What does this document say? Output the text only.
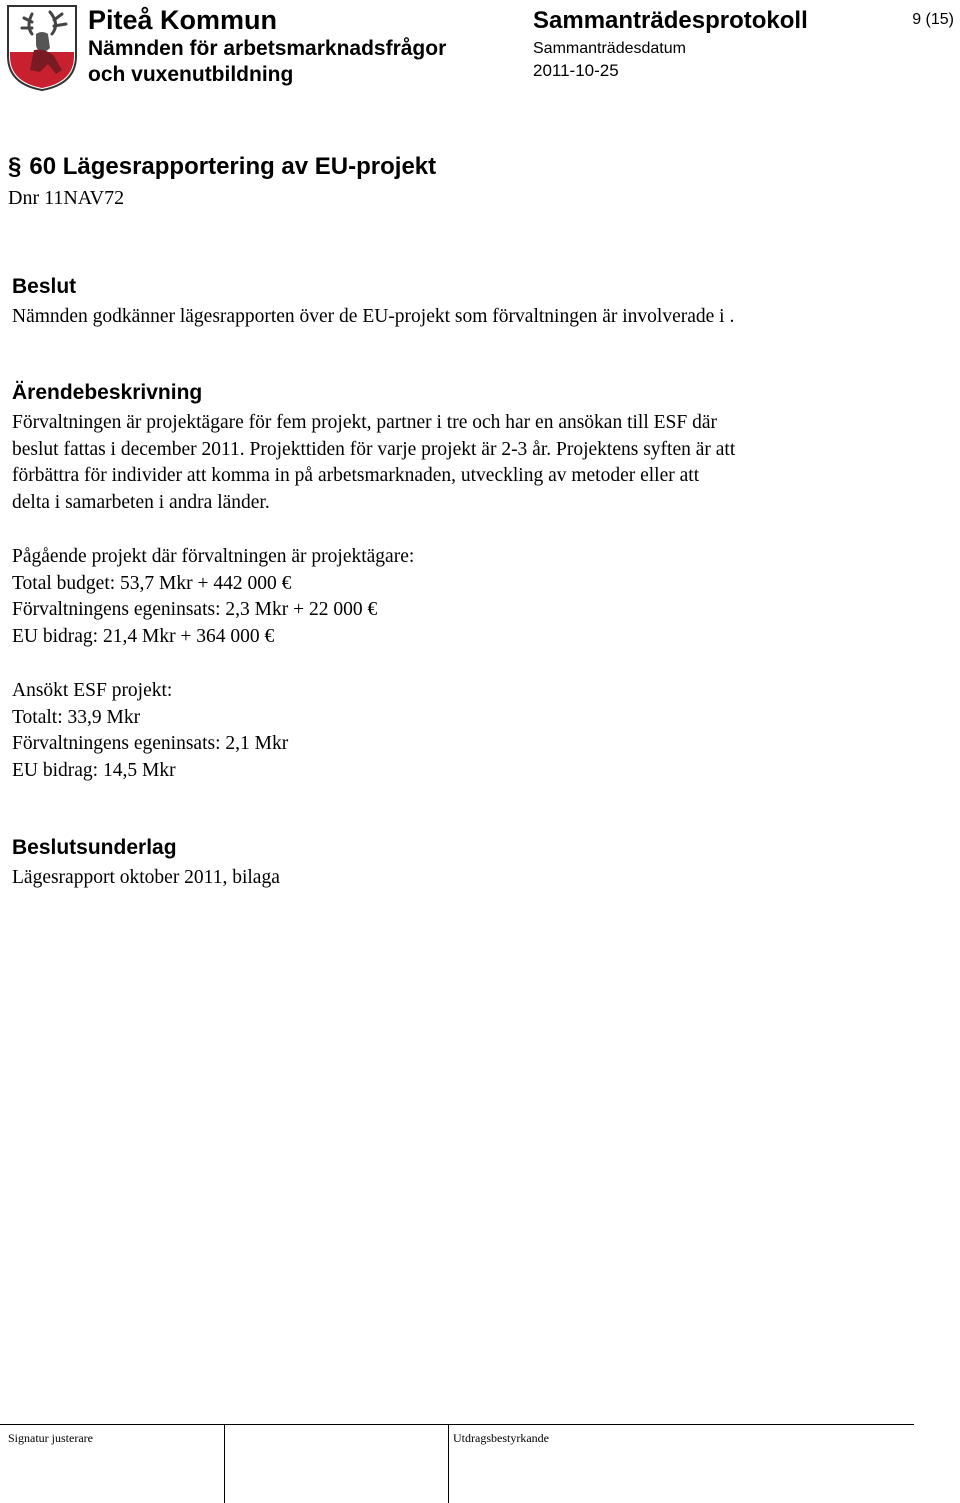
Piteå Kommun
Nämnden för arbetsmarknadsfrågor
och vuxenutbildning
Sammanträdesprotokoll
Sammanträdesdatum
2011-10-25
9 (15)
§ 60 Lägesrapportering av EU-projekt
Dnr 11NAV72
Beslut
Nämnden godkänner lägesrapporten över de EU-projekt som förvaltningen är involverade i .
Ärendebeskrivning
Förvaltningen är projektägare för fem projekt, partner i tre och har en ansökan till ESF där
beslut fattas i december 2011. Projekttiden för varje projekt är 2-3 år. Projektens syften är att
förbättra för individer att komma in på arbetsmarknaden, utveckling av metoder eller att
delta i samarbeten i andra länder.
Pågående projekt där förvaltningen är projektägare:
Total budget: 53,7 Mkr + 442 000 €
Förvaltningens egeninsats: 2,3 Mkr + 22 000 €
EU bidrag: 21,4 Mkr + 364 000 €
Ansökt ESF projekt:
Totalt: 33,9 Mkr
Förvaltningens egeninsats: 2,1 Mkr
EU bidrag: 14,5 Mkr
Beslutsunderlag
Lägesrapport oktober 2011, bilaga
Signatur justerare	Utdragsbestyrkande
